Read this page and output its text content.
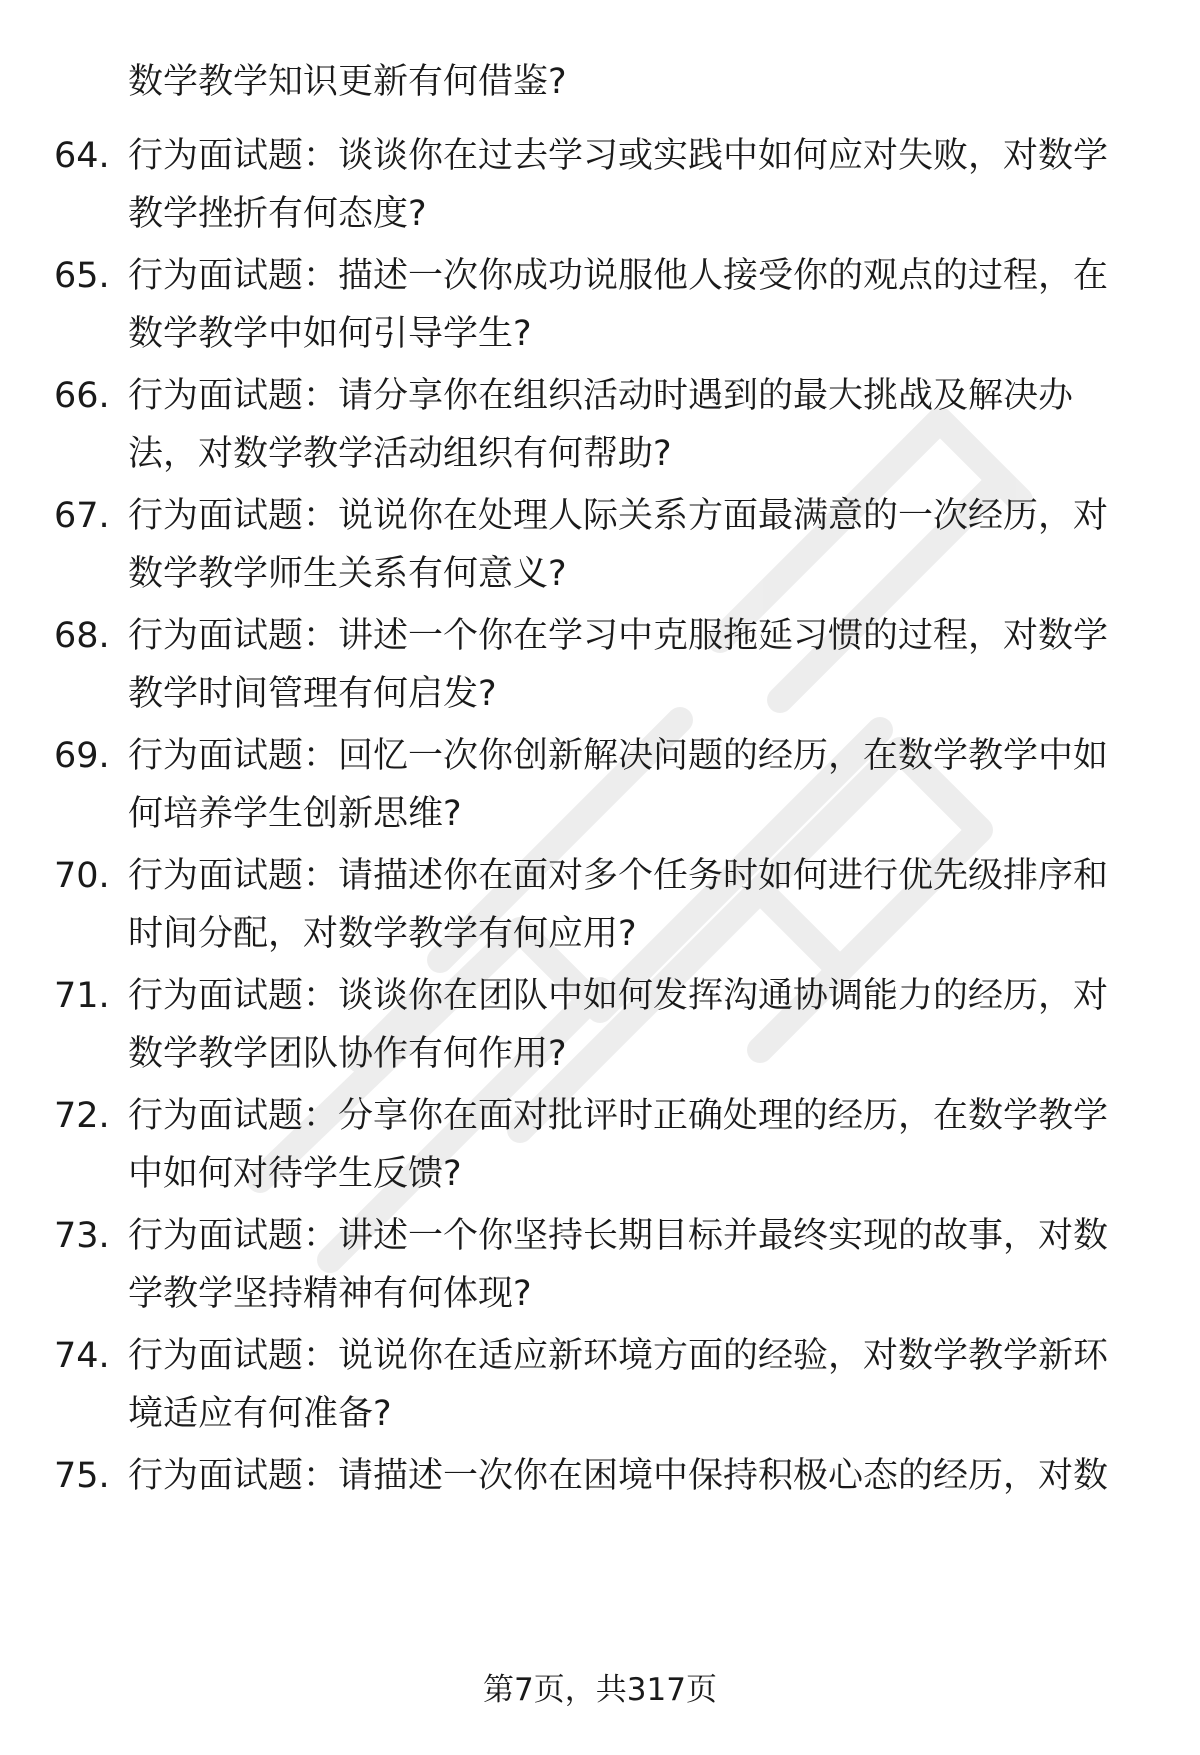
数学教学知识更新有何借鉴?
64. 行为面试题：谈谈你在过去学习或实践中如何应对失败，对数学
教学挫折有何态度?
65. 行为面试题：描述一次你成功说服他人接受你的观点的过程，在
数学教学中如何引导学生?
66. 行为面试题：请分享你在组织活动时遇到的最大挑战及解决办
法，对数学教学活动组织有何帮助?
67. 行为面试题：说说你在处理人际关系方面最满意的一次经历，对
数学教学师生关系有何意义?
68. 行为面试题：讲述一个你在学习中克服拖延习惯的过程，对数学
教学时间管理有何启发?
69. 行为面试题：回忆一次你创新解决问题的经历，在数学教学中如
何培养学生创新思维?
70. 行为面试题：请描述你在面对多个任务时如何进行优先级排序和
时间分配，对数学教学有何应用?
71. 行为面试题：谈谈你在团队中如何发挥沟通协调能力的经历，对
数学教学团队协作有何作用?
72. 行为面试题：分享你在面对批评时正确处理的经历，在数学教学
中如何对待学生反馈?
73. 行为面试题：讲述一个你坚持长期目标并最终实现的故事，对数
学教学坚持精神有何体现?
74. 行为面试题：说说你在适应新环境方面的经验，对数学教学新环
境适应有何准备?
75. 行为面试题：请描述一次你在困境中保持积极心态的经历，对数
第7页，共317页
